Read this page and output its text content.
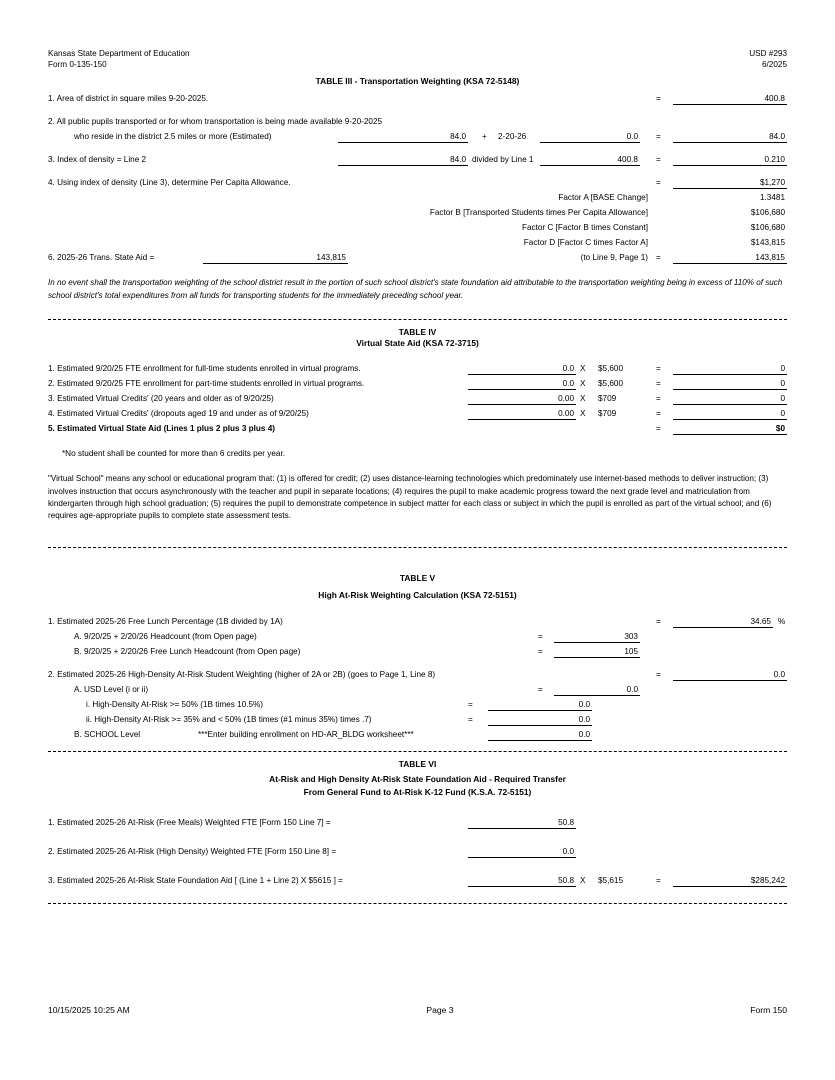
Kansas State Department of Education
Form 0-135-150
USD #293
6/2025
TABLE III - Transportation Weighting (KSA 72-5148)
1. Area of district in square miles 9-20-2025.	=	400.8
2. All public pupils transported or for whom transportation is being made available 9-20-2025
who reside in the district 2.5 miles or more (Estimated)	84.0 + 2-20-26	0.0 =	84.0
3. Index of density = Line 2	84.0 divided by Line 1	400.8 =	0.210
4. Using index of density (Line 3), determine Per Capita Allowance.	=	$1,270
Factor A [BASE Change]	1.3481
Factor B [Transported Students times Per Capita Allowance]	$106,680
Factor C [Factor B times Constant]	$106,680
Factor D [Factor C times Factor A]	$143,815
6. 2025-26 Trans. State Aid =	143,815	(to Line 9, Page 1) =	143,815
In no event shall the transportation weighting of the school district result in the portion of such school district's state foundation aid attributable to the transportation weighting being in excess of 110% of such school district's total expenditures from all funds for transporting students for the immediately preceding school year.
TABLE IV
Virtual State Aid (KSA 72-3715)
1. Estimated 9/20/25 FTE enrollment for full-time students enrolled in virtual programs.	0.0 X $5,600	=	0
2. Estimated 9/20/25 FTE enrollment for part-time students enrolled in virtual programs.	0.0 X $5,600	=	0
3. Estimated Virtual Credits' (20 years and older as of 9/20/25)	0.00 X $709	=	0
4. Estimated Virtual Credits' (dropouts aged 19 and under as of 9/20/25)	0.00 X $709	=	0
5. Estimated Virtual State Aid (Lines 1 plus 2 plus 3 plus 4)	=	$0
*No student shall be counted for more than 6 credits per year.
"Virtual School" means any school or educational program that: (1) is offered for credit; (2) uses distance-learning technologies which predominately use internet-based methods to deliver instruction; (3) involves instruction that occurs asynchronously with the teacher and pupil in separate locations; (4) requires the pupil to make academic progress toward the next grade level and matriculation from kindergarten through high school graduation; (5) requires the pupil to demonstrate competence in subject matter for each class or subject in which the pupil is enrolled as part of the virtual school; and (6) requires age-appropriate pupils to complete state assessment tests.
TABLE V
High At-Risk Weighting Calculation (KSA 72-5151)
1. Estimated 2025-26 Free Lunch Percentage (1B divided by 1A)	=	34.65 %
A. 9/20/25 + 2/20/26 Headcount (from Open page)	=	303
B. 9/20/25 + 2/20/26 Free Lunch Headcount (from Open page)	=	105
2. Estimated 2025-26 High-Density At-Risk Student Weighting (higher of 2A or 2B) (goes to Page 1, Line 8)	=	0.0
A. USD Level (i or ii)	=	0.0
i. High-Density At-Risk >= 50% (1B times 10.5%)	=	0.0
ii. High-Density At-Risk >= 35% and < 50% (1B times (#1 minus 35%) times .7)	=	0.0
B. SCHOOL Level	***Enter building enrollment on HD-AR_BLDG worksheet***	0.0
TABLE VI
At-Risk and High Density At-Risk State Foundation Aid - Required Transfer
From General Fund to At-Risk K-12 Fund (K.S.A. 72-5151)
1. Estimated 2025-26 At-Risk (Free Meals) Weighted FTE [Form 150 Line 7] =	50.8
2. Estimated 2025-26 At-Risk (High Density) Weighted FTE [Form 150 Line 8] =	0.0
3. Estimated 2025-26 At-Risk State Foundation Aid [ (Line 1 + Line 2) X $5615 ] =	50.8 X $5,615	=	$285,242
10/15/2025 10:25 AM	Page 3	Form 150
